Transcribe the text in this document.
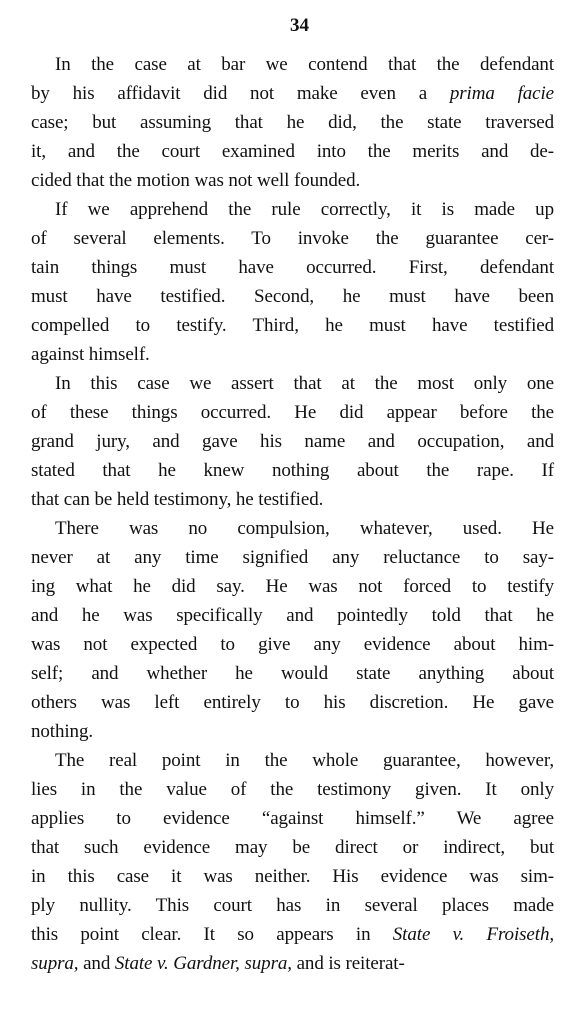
34
In the case at bar we contend that the defendant
by his affidavit did not make even a prima facie
case; but assuming that he did, the state traversed
it, and the court examined into the merits and de-
cided that the motion was not well founded.
If we apprehend the rule correctly, it is made up
of several elements. To invoke the guarantee cer-
tain things must have occurred. First, defendant
must have testified. Second, he must have been
compelled to testify. Third, he must have testified
against himself.
In this case we assert that at the most only one
of these things occurred. He did appear before the
grand jury, and gave his name and occupation, and
stated that he knew nothing about the rape. If
that can be held testimony, he testified.
There was no compulsion, whatever, used. He
never at any time signified any reluctance to say-
ing what he did say. He was not forced to testify
and he was specifically and pointedly told that he
was not expected to give any evidence about him-
self; and whether he would state anything about
others was left entirely to his discretion. He gave
nothing.
The real point in the whole guarantee, however,
lies in the value of the testimony given. It only
applies to evidence “against himself.” We agree
that such evidence may be direct or indirect, but
in this case it was neither. His evidence was sim-
ply nullity. This court has in several places made
this point clear. It so appears in State v. Froiseth,
supra, and State v. Gardner, supra, and is reiterat-
